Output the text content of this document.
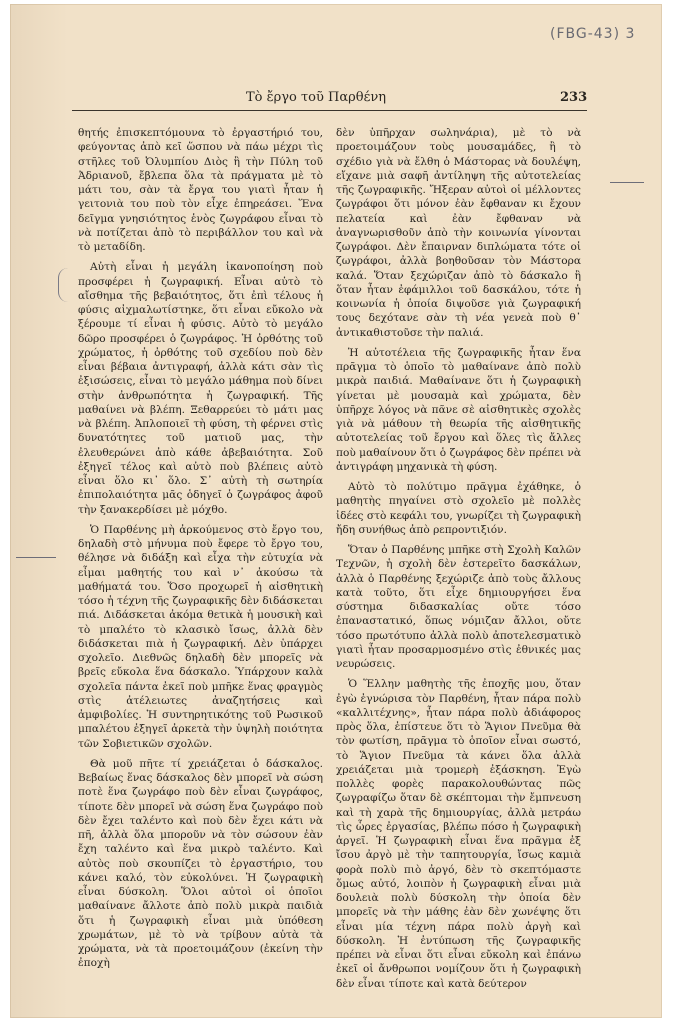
(FBG-43) 3
Τὸ ἔργο τοῦ Παρθένη	233

θητής ἐπισκεπτόμουνα τὸ ἐργαστήριό του, φεύγοντας ἀπὸ κεῖ ὥσπου νὰ πάω μέχρι τὶς στῆλες τοῦ Ὀλυμπίου Διὸς ἢ τὴν Πύλη τοῦ Ἀδριανοῦ, ἔβλεπα ὅλα τὰ πράγματα μὲ τὸ μάτι του, σὰν τὰ ἔργα του γιατὶ ἦταν ἡ γειτονιὰ του ποὺ τὸν εἶχε ἐπηρεάσει. Ἕνα δεῖγμα γνησιότητος ἑνὸς ζωγράφου εἶναι τὸ νὰ ποτίζεται ἀπὸ τὸ περιβάλλον του καὶ νὰ τὸ μεταδίδη.

Αὐτὴ εἶναι ἡ μεγάλη ἱκανοποίηση ποὺ προσφέρει ἡ ζωγραφική. Εἶναι αὐτὸ τὸ αἴσθημα τῆς βεβαιότητος, ὅτι ἐπὶ τέλους ἡ φύσις αἰχμαλωτίστηκε, ὅτι εἶναι εὔκολο νὰ ξέρουμε τί εἶναι ἡ φύσις. Αὐτὸ τὸ μεγάλο δῶρο προσφέρει ὁ ζωγράφος. Ἡ ὀρθότης τοῦ χρώματος, ἡ ὀρθότης τοῦ σχεδίου ποὺ δὲν εἶναι βέβαια ἀντιγραφή, ἀλλὰ κάτι σὰν τὶς ἐξισώσεις, εἶναι τὸ μεγάλο μάθημα ποὺ δίνει στὴν ἀνθρωπότητα ἡ ζωγραφική. Τῆς μαθαίνει νὰ βλέπη. Ξεθαρρεύει τὸ μάτι μας νὰ βλέπη. Ἀπλοποιεῖ τὴ φύση, τὴ φέρνει στὶς δυνατότητες τοῦ ματιοῦ μας, τὴν ἐλευθερώνει ἀπὸ κάθε ἀβεβαιότητα. Σοῦ ἐξηγεῖ τέλος καὶ αὐτὸ ποὺ βλέπεις αὐτὸ εἶναι ὅλο κι᾿ ὅλο. Σ᾿ αὐτὴ τὴ σωτηρία ἐπιπολαιότητα μᾶς ὁδηγεῖ ὁ ζωγράφος ἀφοῦ τὴν ξανακερδίσει μὲ μόχθο.

Ὁ Παρθένης μὴ ἀρκούμενος στὸ ἔργο του, δηλαδὴ στὸ μήνυμα ποὺ ἔφερε τὸ ἔργο του, θέλησε νὰ διδάξη καὶ εἶχα τὴν εὐτυχία νὰ εἶμαι μαθητής του καὶ ν᾿ ἀκούσω τὰ μαθήματά του. Ὅσο προχωρεῖ ἡ αἰσθητικὴ τόσο ἡ τέχνη τῆς ζωγραφικῆς δὲν διδάσκεται πιά. Διδάσκεται ἀκόμα θετικὰ ἡ μουσικὴ καὶ τὸ μπαλέτο τὸ κλασικὸ ἴσως, ἀλλὰ δὲν διδάσκεται πιὰ ἡ ζωγραφική. Δὲν ὑπάρχει σχολεῖο. Διεθνῶς δηλαδὴ δὲν μπορεῖς νὰ βρεῖς εὔκολα ἕνα δάσκαλο. Ὑπάρχουν καλὰ σχολεῖα πάντα ἐκεῖ ποὺ μπῆκε ἕνας φραγμὸς στὶς ἀτέλειωτες ἀναζητήσεις καὶ ἀμφιβολίες. Ἡ συντηρητικότης τοῦ Ρωσικοῦ μπαλέτου ἐξηγεῖ ἀρκετὰ τὴν ὑψηλὴ ποιότητα τῶν Σοβιετικῶν σχολῶν.

Θὰ μοῦ πῆτε τί χρειάζεται ὁ δάσκαλος. Βεβαίως ἕνας δάσκαλος δὲν μπορεῖ νὰ σώση ποτὲ ἕνα ζωγράφο ποὺ δὲν εἶναι ζωγράφος, τίποτε δὲν μπορεῖ νὰ σώση ἕνα ζωγράφο ποὺ δὲν ἔχει ταλέντο καὶ ποὺ δὲν ἔχει κάτι νὰ πῆ, ἀλλὰ ὅλα μποροῦν νὰ τὸν σώσουν ἐὰν ἔχη ταλέντο καὶ ἕνα μικρὸ ταλέντο. Καὶ αὐτὸς ποὺ σκουπίζει τὸ ἐργαστήριο, του κάνει καλό, τὸν εὐκολύνει. Ἡ ζωγραφικὴ εἶναι δύσκολη. Ὅλοι αὐτοὶ οἱ ὁποῖοι μαθαίνανε ἄλλοτε ἀπὸ πολὺ μικρὰ παιδιὰ ὅτι ἡ ζωγραφικὴ εἶναι μιὰ ὑπόθεση χρωμάτων, μὲ τὸ νὰ τρίβουν αὐτὰ τὰ χρώματα, νὰ τὰ προετοιμάζουν (ἐκείνη τὴν ἐποχὴ

δὲν ὑπῆρχαν σωληνάρια), μὲ τὸ νὰ προετοιμάζουν τοὺς μουσαμάδες, ἢ τὸ σχέδιο γιὰ νὰ ἔλθη ὁ Μάστορας νὰ δουλέψη, εἴχανε μιὰ σαφῆ ἀντίληψη τῆς αὐτοτελείας τῆς ζωγραφικῆς. Ἤξεραν αὐτοὶ οἱ μέλλοντες ζωγράφοι ὅτι μόνον ἐὰν ἔφθαναν κι ἔχουν πελατεία καὶ ἐὰν ἔφθαναν νὰ ἀναγνωρισθοῦν ἀπὸ τὴν κοινωνία γίνονται ζωγράφοι. Δὲν ἔπαιρναν διπλώματα τότε οἱ ζωγράφοι, ἀλλὰ βοηθοῦσαν τὸν Μάστορα καλά. Ὅταν ξεχώριζαν ἀπὸ τὸ δάσκαλο ἢ ὅταν ἦταν ἐφάμιλλοι τοῦ δασκάλου, τότε ἡ κοινωνία ἡ ὁποία διψοῦσε γιὰ ζωγραφική τους δεχότανε σὰν τὴ νέα γενεὰ ποὺ θ᾿ ἀντικαθιστοῦσε τὴν παλιά.

Ἡ αὐτοτέλεια τῆς ζωγραφικῆς ἦταν ἕνα πρᾶγμα τὸ ὁποῖο τὸ μαθαίνανε ἀπὸ πολὺ μικρὰ παιδιά. Μαθαίνανε ὅτι ἡ ζωγραφικὴ γίνεται μὲ μουσαμὰ καὶ χρώματα, δὲν ὑπῆρχε λόγος νὰ πᾶνε σὲ αἰσθητικὲς σχολὲς γιὰ νὰ μάθουν τὴ θεωρία τῆς αἰσθητικῆς αὐτοτελείας τοῦ ἔργου καὶ ὅλες τὶς ἄλλες ποὺ μαθαίνουν ὅτι ὁ ζωγράφος δὲν πρέπει νὰ ἀντιγράφη μηχανικὰ τὴ φύση.

Αὐτὸ τὸ πολύτιμο πρᾶγμα ἐχάθηκε, ὁ μαθητὴς πηγαίνει στὸ σχολεῖο μὲ πολλὲς ἰδέες στὸ κεφάλι του, γνωρίζει τὴ ζωγραφικὴ ἤδη συνήθως ἀπὸ ρεπροντιξιόν.

Ὅταν ὁ Παρθένης μπῆκε στὴ Σχολὴ Καλῶν Τεχνῶν, ἡ σχολὴ δὲν ἐστερεῖτο δασκάλων, ἀλλὰ ὁ Παρθένης ξεχώριζε ἀπὸ τοὺς ἄλλους κατὰ τοῦτο, ὅτι εἶχε δημιουργήσει ἕνα σύστημα διδασκαλίας οὔτε τόσο ἐπαναστατικό, ὅπως νόμιζαν ἄλλοι, οὔτε τόσο πρωτότυπο ἀλλὰ πολὺ ἀποτελεσματικὸ γιατὶ ἦταν προσαρμοσμένο στὶς ἐθνικές μας νευρώσεις.

Ὁ Ἕλλην μαθητὴς τῆς ἐποχῆς μου, ὅταν ἐγὼ ἐγνώρισα τὸν Παρθένη, ἦταν πάρα πολὺ «καλλιτέχνης», ἦταν πάρα πολὺ ἀδιάφορος πρὸς ὅλα, ἐπίστευε ὅτι τὸ Ἅγιον Πνεῦμα θὰ τὸν φωτίση, πρᾶγμα τὸ ὁποῖον εἶναι σωστό, τὸ Ἅγιον Πνεῦμα τὰ κάνει ὅλα ἀλλὰ χρειάζεται μιὰ τρομερὴ ἐξάσκηση. Ἐγὼ πολλὲς φορὲς παρακολουθώντας πῶς ζωγραφίζω ὅταν δὲ σκέπτομαι τὴν ἔμπνευση καὶ τὴ χαρὰ τῆς δημιουργίας, ἀλλὰ μετράω τὶς ὧρες ἐργασίας, βλέπω πόσο ἡ ζωγραφικὴ ἀργεῖ. Ἡ ζωγραφικὴ εἶναι ἕνα πρᾶγμα ἐξ ἴσου ἀργὸ μὲ τὴν ταπητουργία, ἴσως καμιὰ φορὰ πολὺ πιὸ ἀργό, δὲν τὸ σκεπτόμαστε ὅμως αὐτό, λοιπὸν ἡ ζωγραφικὴ εἶναι μιὰ δουλειὰ πολὺ δύσκολη τὴν ὁποία δὲν μπορεῖς νὰ τὴν μάθης ἐὰν δὲν χωνέψης ὅτι εἶναι μία τέχνη πάρα πολὺ ἀργὴ καὶ δύσκολη. Ἡ ἐντύπωση τῆς ζωγραφικῆς πρέπει νὰ εἶναι ὅτι εἶναι εὔκολη καὶ ἐπάνω ἐκεῖ οἱ ἄνθρωποι νομίζουν ὅτι ἡ ζωγραφικὴ δὲν εἶναι τίποτε καὶ κατὰ δεύτερον
